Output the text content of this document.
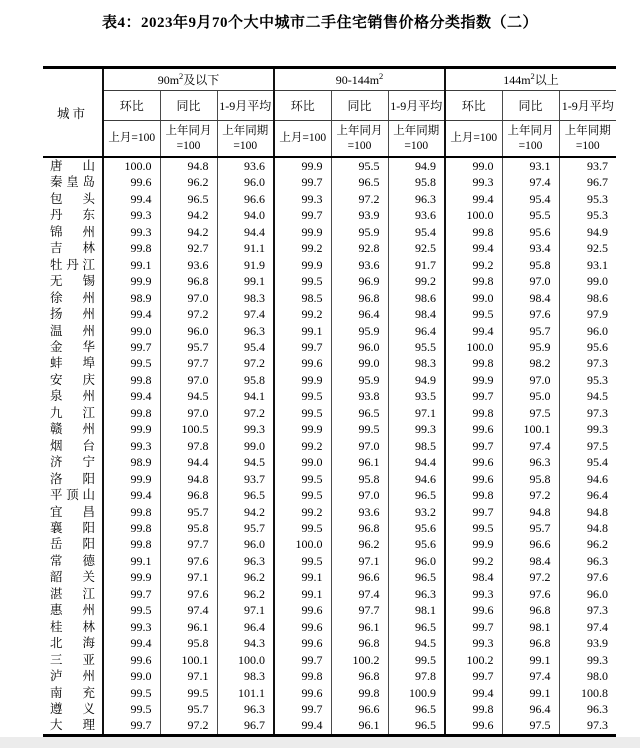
表4：2023年9月70个大中城市二手住宅销售价格分类指数（二）
城市	$90m^2$及以下			$90-144m^2$			$144m^2$以上		
	环比	同比	1-9月平均	环比	同比	1-9月平均	环比	同比	1-9月平均
	上月=100	上年同月=100	上年同期=100	上月=100	上年同月=100	上年同期=100	上月=100	上年同月=100	上年同期=100

唐 山	100.0	94.8	93.6	99.9	95.5	94.9	99.0	93.1	93.7

秦 皇 岛	99.6	96.2	96.0	99.7	96.5	95.8	99.3	97.4	96.7

包 头	99.4	96.5	96.6	99.3	97.2	96.3	99.4	95.4	95.3

丹 东	99.3	94.2	94.0	99.7	93.9	93.6	100.0	95.5	95.3

锦 州	99.3	94.2	94.4	99.9	95.9	95.4	99.8	95.6	94.9

吉 林	99.8	92.7	91.1	99.2	92.8	92.5	99.4	93.4	92.5

牡 丹 江	99.1	93.6	91.9	99.9	93.6	91.7	99.2	95.8	93.1

无 锡	99.9	96.8	99.1	99.5	96.9	99.2	99.8	97.0	99.0

徐 州	98.9	97.0	98.3	98.5	96.8	98.6	99.0	98.4	98.6

扬 州	99.4	97.2	97.4	99.2	96.4	98.4	99.5	97.6	97.9

温 州	99.0	96.0	96.3	99.1	95.9	96.4	99.4	95.7	96.0

金 华	99.7	95.7	95.4	99.7	96.0	95.5	100.0	95.9	95.6

蚌 埠	99.5	97.7	97.2	99.6	99.0	98.3	99.8	98.2	97.3

安 庆	99.8	97.0	95.8	99.9	95.9	94.9	99.9	97.0	95.3

泉 州	99.4	94.5	94.1	99.5	93.8	93.5	99.7	95.0	94.5

九 江	99.8	97.0	97.2	99.5	96.5	97.1	99.8	97.5	97.3

赣 州	99.9	100.5	99.3	99.9	99.5	99.3	99.6	100.1	99.3

烟 台	99.3	97.8	99.0	99.2	97.0	98.5	99.7	97.4	97.5

济 宁	98.9	94.4	94.5	99.0	96.1	94.4	99.6	96.3	95.4

洛 阳	99.9	94.8	93.7	99.5	95.8	94.6	99.6	95.8	94.6

平 顶 山	99.4	96.8	96.5	99.5	97.0	96.5	99.8	97.2	96.4

宜 昌	99.8	95.7	94.2	99.2	93.6	93.2	99.7	94.8	94.8

襄 阳	99.8	95.8	95.7	99.5	96.8	95.6	99.5	95.7	94.8

岳 阳	99.8	97.7	96.0	100.0	96.2	95.6	99.9	96.6	96.2

常 德	99.1	97.6	96.3	99.5	97.1	96.0	99.2	98.4	96.3

韶 关	99.9	97.1	96.2	99.1	96.6	96.5	98.4	97.2	97.6

湛 江	99.7	97.6	96.2	99.1	97.4	96.3	99.3	97.6	96.0

惠 州	99.5	97.4	97.1	99.6	97.7	98.1	99.6	96.8	97.3

桂 林	99.3	96.1	96.4	99.6	96.1	96.5	99.7	98.1	97.4

北 海	99.4	95.8	94.3	99.6	96.8	94.5	99.3	96.8	93.9

三 亚	99.6	100.1	100.0	99.7	100.2	99.5	100.2	99.1	99.3

泸 州	99.0	97.1	98.3	99.8	96.8	97.8	99.7	97.4	98.0

南 充	99.5	99.5	101.1	99.6	99.8	100.9	99.4	99.1	100.8

遵 义	99.5	95.7	96.3	99.7	96.6	96.5	99.8	96.4	96.3

大 理	99.7	97.2	96.7	99.4	96.1	96.5	99.6	97.5	97.3
